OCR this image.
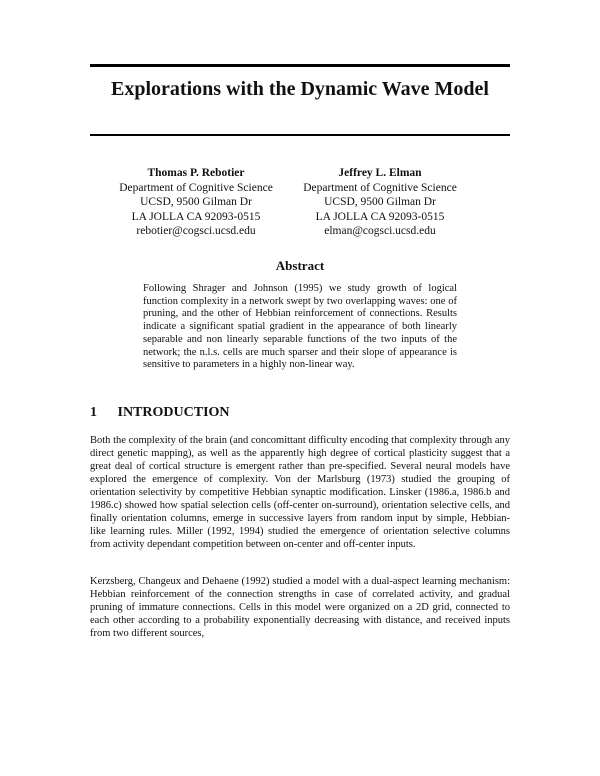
Explorations with the Dynamic Wave Model
Thomas P. Rebotier
Department of Cognitive Science
UCSD, 9500 Gilman Dr
LA JOLLA CA 92093-0515
rebotier@cogsci.ucsd.edu
Jeffrey L. Elman
Department of Cognitive Science
UCSD, 9500 Gilman Dr
LA JOLLA CA 92093-0515
elman@cogsci.ucsd.edu
Abstract
Following Shrager and Johnson (1995) we study growth of logical function complexity in a network swept by two overlapping waves: one of pruning, and the other of Hebbian reinforcement of connections. Results indicate a significant spatial gradient in the appearance of both linearly separable and non linearly separable functions of the two inputs of the network; the n.l.s. cells are much sparser and their slope of appearance is sensitive to parameters in a highly non-linear way.
1 INTRODUCTION
Both the complexity of the brain (and concomittant difficulty encoding that complexity through any direct genetic mapping), as well as the apparently high degree of cortical plasticity suggest that a great deal of cortical structure is emergent rather than pre-specified. Several neural models have explored the emergence of complexity. Von der Marlsburg (1973) studied the grouping of orientation selectivity by competitive Hebbian synaptic modification. Linsker (1986.a, 1986.b and 1986.c) showed how spatial selection cells (off-center on-surround), orientation selective cells, and finally orientation columns, emerge in successive layers from random input by simple, Hebbian-like learning rules. Miller (1992, 1994) studied the emergence of orientation selective columns from activity dependant competition between on-center and off-center inputs.
Kerzsberg, Changeux and Dehaene (1992) studied a model with a dual-aspect learning mechanism: Hebbian reinforcement of the connection strengths in case of correlated activity, and gradual pruning of immature connections. Cells in this model were organized on a 2D grid, connected to each other according to a probability exponentially decreasing with distance, and received inputs from two different sources,
